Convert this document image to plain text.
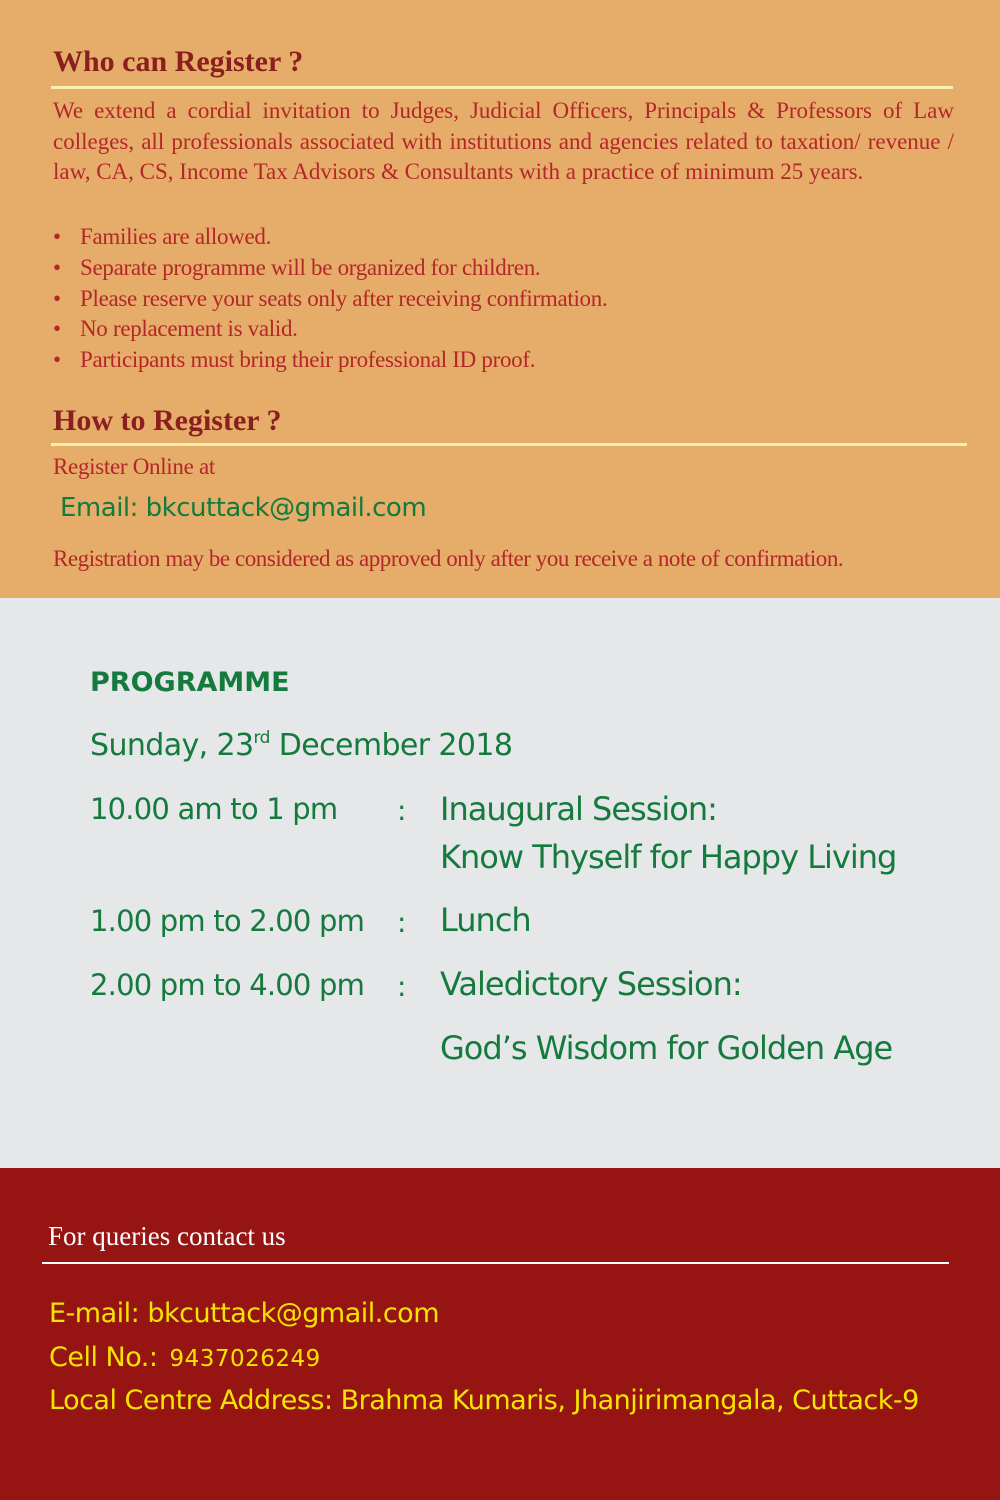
Who can Register ?

We extend a cordial invitation to Judges, Judicial Officers, Principals & Professors of Law colleges, all professionals associated with institutions and agencies related to taxation/ revenue / law, CA, CS, Income Tax Advisors & Consultants with a practice of minimum 25 years.

• Families are allowed.
• Separate programme will be organized for children.
• Please reserve your seats only after receiving confirmation.
• No replacement is valid.
• Participants must bring their professional ID proof.
How to Register ?
Register Online at
Email: bkcuttack@gmail.com
Registration may be considered as approved only after you receive a note of confirmation.
PROGRAMME
Sunday, 23rd December 2018
10.00 am to 1 pm : Inaugural Session:
Know Thyself for Happy Living
1.00 pm to 2.00 pm : Lunch
2.00 pm to 4.00 pm : Valedictory Session:
God’s Wisdom for Golden Age
For queries contact us
E-mail: bkcuttack@gmail.com
Cell No.: 9437026249
Local Centre Address: Brahma Kumaris, Jhanjirimangala, Cuttack-9
